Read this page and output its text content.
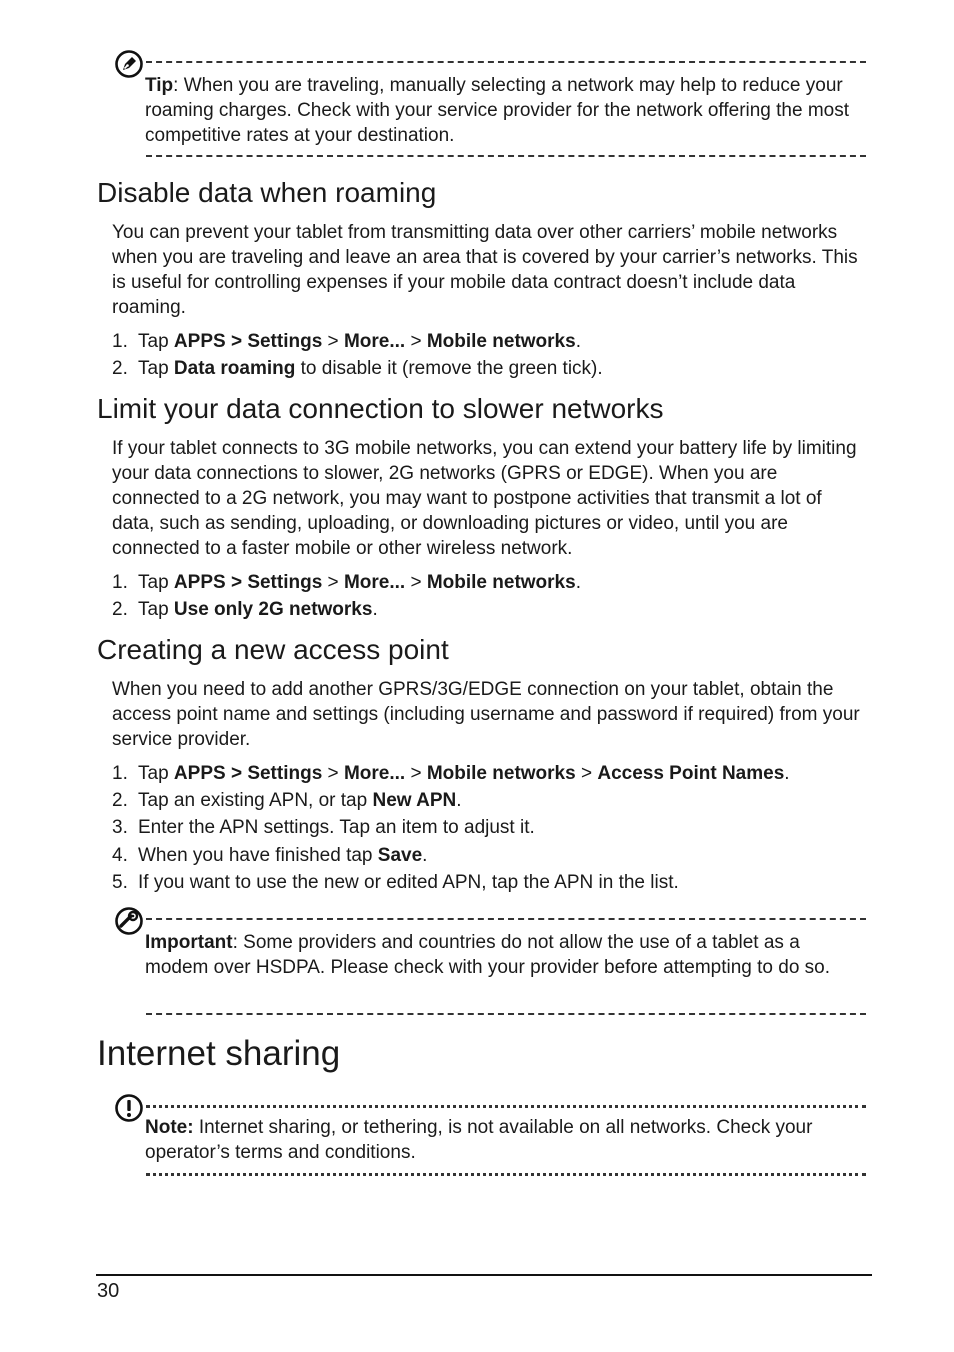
Tip: When you are traveling, manually selecting a network may help to reduce your roaming charges. Check with your service provider for the network offering the most competitive rates at your destination.
Disable data when roaming

You can prevent your tablet from transmitting data over other carriers’ mobile networks when you are traveling and leave an area that is covered by your carrier’s networks. This is useful for controlling expenses if your mobile data contract doesn’t include data roaming.

1. Tap APPS > Settings > More... > Mobile networks.
2. Tap Data roaming to disable it (remove the green tick).
Limit your data connection to slower networks

If your tablet connects to 3G mobile networks, you can extend your battery life by limiting your data connections to slower, 2G networks (GPRS or EDGE). When you are connected to a 2G network, you may want to postpone activities that transmit a lot of data, such as sending, uploading, or downloading pictures or video, until you are connected to a faster mobile or other wireless network.

1. Tap APPS > Settings > More... > Mobile networks.
2. Tap Use only 2G networks.
Creating a new access point

When you need to add another GPRS/3G/EDGE connection on your tablet, obtain the access point name and settings (including username and password if required) from your service provider.

1. Tap APPS > Settings > More... > Mobile networks > Access Point Names.
2. Tap an existing APN, or tap New APN.
3. Enter the APN settings. Tap an item to adjust it.
4. When you have finished tap Save.
5. If you want to use the new or edited APN, tap the APN in the list.
Important: Some providers and countries do not allow the use of a tablet as a modem over HSDPA. Please check with your provider before attempting to do so.
Internet sharing
Note: Internet sharing, or tethering, is not available on all networks. Check your operator’s terms and conditions.
30
